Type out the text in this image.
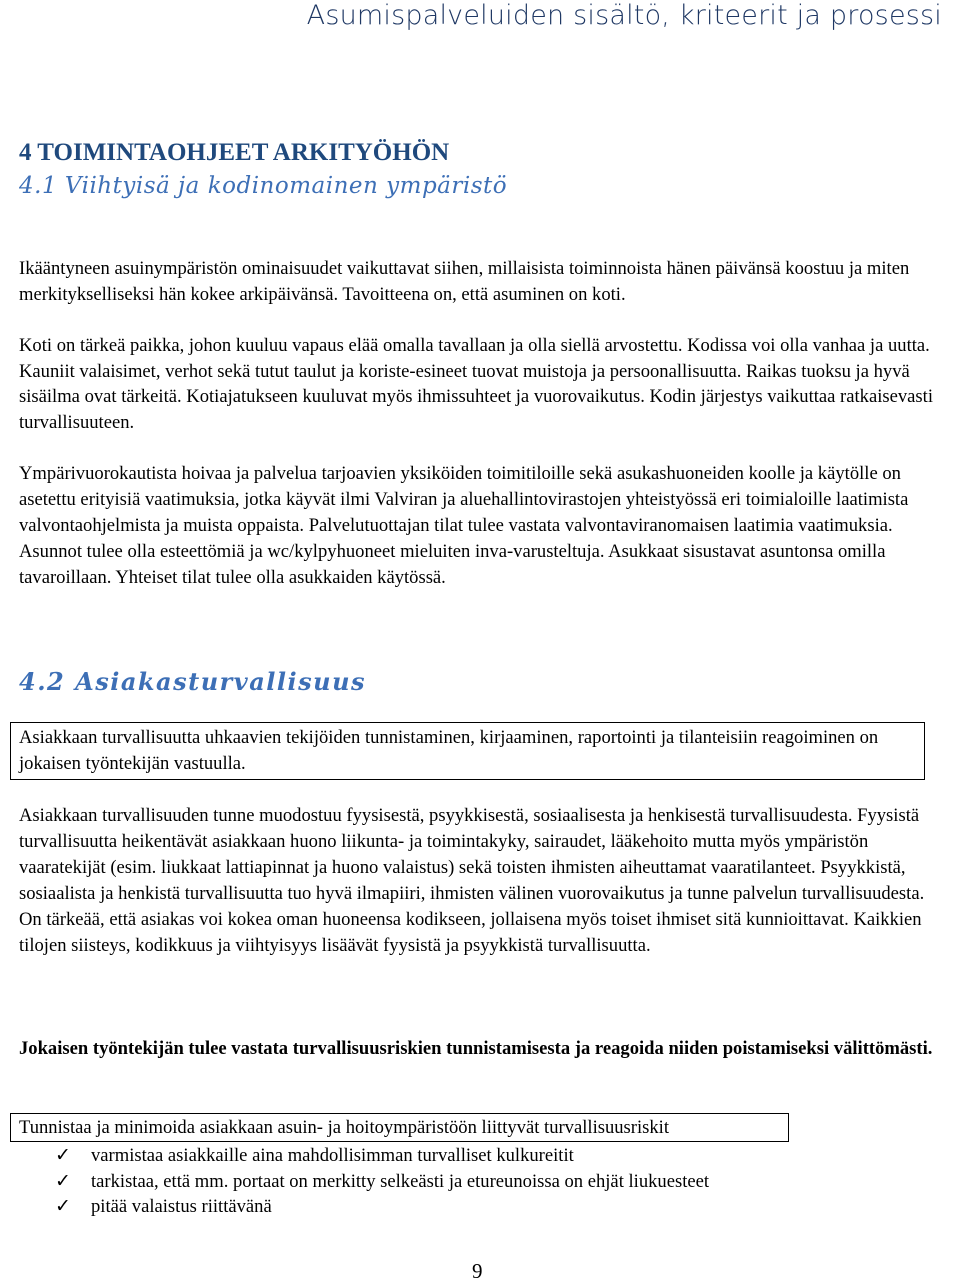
Asumispalveluiden sisältö, kriteerit ja prosessi
4 TOIMINTAOHJEET ARKITYÖHÖN
4.1 Viihtyisä ja kodinomainen ympäristö

Ikääntyneen asuinympäristön ominaisuudet vaikuttavat siihen, millaisista toiminnoista hänen päivänsä koostuu ja miten merkitykselliseksi hän kokee arkipäivänsä. Tavoitteena on, että asuminen on koti.

Koti on tärkeä paikka, johon kuuluu vapaus elää omalla tavallaan ja olla siellä arvostettu. Kodissa voi olla vanhaa ja uutta. Kauniit valaisimet, verhot sekä tutut taulut ja koriste-esineet tuovat muistoja ja persoonallisuutta. Raikas tuoksu ja hyvä sisäilma ovat tärkeitä. Kotiajatukseen kuuluvat myös ihmissuhteet ja vuorovaikutus. Kodin järjestys vaikuttaa ratkaisevasti turvallisuuteen.

Ympärivuorokautista hoivaa ja palvelua tarjoavien yksiköiden toimitiloille sekä asukashuoneiden koolle ja käytölle on asetettu erityisiä vaatimuksia, jotka käyvät ilmi Valviran ja aluehallintovirastojen yhteistyössä eri toimialoille laatimista valvontaohjelmista ja muista oppaista. Palvelutuottajan tilat tulee vastata valvontaviranomaisen laatimia vaatimuksia. Asunnot tulee olla esteettömiä ja wc/kylpyhuoneet mieluiten inva-varusteltuja. Asukkaat sisustavat asuntonsa omilla tavaroillaan. Yhteiset tilat tulee olla asukkaiden käytössä.

4.2 Asiakasturvallisuus
Asiakkaan turvallisuutta uhkaavien tekijöiden tunnistaminen, kirjaaminen, raportointi ja tilanteisiin reagoiminen on jokaisen työntekijän vastuulla.

Asiakkaan turvallisuuden tunne muodostuu fyysisestä, psyykkisestä, sosiaalisesta ja henkisestä turvallisuudesta. Fyysistä turvallisuutta heikentävät asiakkaan huono liikunta- ja toimintakyky, sairaudet, lääkehoito mutta myös ympäristön vaaratekijät (esim. liukkaat lattiapinnat ja huono valaistus) sekä toisten ihmisten aiheuttamat vaaratilanteet. Psyykkistä, sosiaalista ja henkistä turvallisuutta tuo hyvä ilmapiiri, ihmisten välinen vuorovaikutus ja tunne palvelun turvallisuudesta. On tärkeää, että asiakas voi kokea oman huoneensa kodikseen, jollaisena myös toiset ihmiset sitä kunnioittavat. Kaikkien tilojen siisteys, kodikkuus ja viihtyisyys lisäävät fyysistä ja psyykkistä turvallisuutta.

Jokaisen työntekijän tulee vastata turvallisuusriskien tunnistamisesta ja reagoida niiden poistamiseksi välittömästi.

Tunnistaa ja minimoida asiakkaan asuin- ja hoitoympäristöön liittyvät turvallisuusriskit
✓ varmistaa asiakkaille aina mahdollisimman turvalliset kulkureitit
✓ tarkistaa, että mm. portaat on merkitty selkeästi ja etureunoissa on ehjät liukuesteet
✓ pitää valaistus riittävänä
9
